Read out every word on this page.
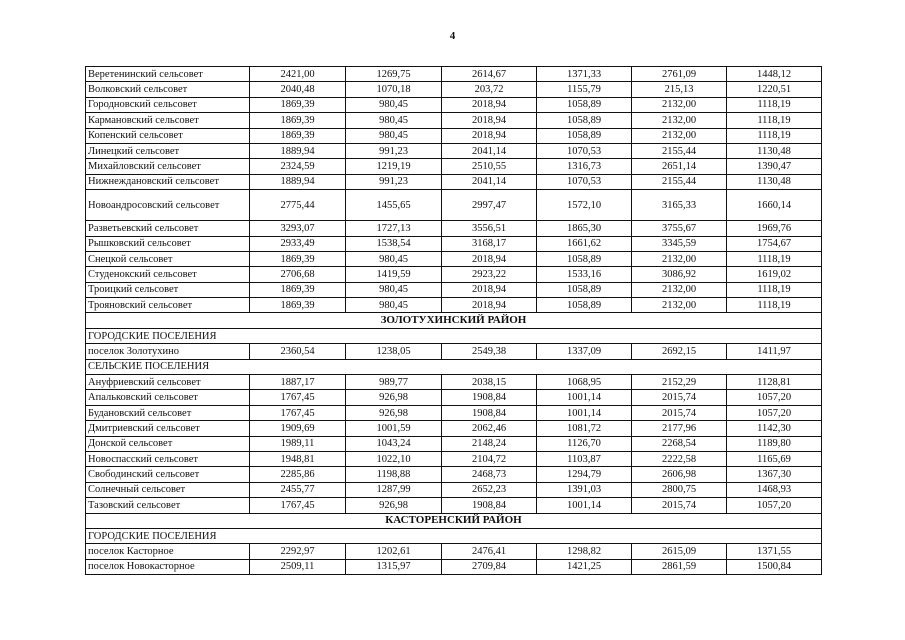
4
Веретенинский сельсовет	2421,00	1269,75	2614,67	1371,33	2761,09	1448,12
Волковский сельсовет	2040,48	1070,18	203,72	1155,79	215,13	1220,51
Городновский сельсовет	1869,39	980,45	2018,94	1058,89	2132,00	1118,19
Кармановский сельсовет	1869,39	980,45	2018,94	1058,89	2132,00	1118,19
Копенский сельсовет	1869,39	980,45	2018,94	1058,89	2132,00	1118,19
Линецкий сельсовет	1889,94	991,23	2041,14	1070,53	2155,44	1130,48
Михайловский сельсовет	2324,59	1219,19	2510,55	1316,73	2651,14	1390,47
Нижнеждановский сельсовет	1889,94	991,23	2041,14	1070,53	2155,44	1130,48
Новоандросовский сельсовет	2775,44	1455,65	2997,47	1572,10	3165,33	1660,14
Разветьевский сельсовет	3293,07	1727,13	3556,51	1865,30	3755,67	1969,76
Рышковский сельсовет	2933,49	1538,54	3168,17	1661,62	3345,59	1754,67
Снецкой сельсовет	1869,39	980,45	2018,94	1058,89	2132,00	1118,19
Студенокский сельсовет	2706,68	1419,59	2923,22	1533,16	3086,92	1619,02
Троицкий сельсовет	1869,39	980,45	2018,94	1058,89	2132,00	1118,19
Трояновский сельсовет	1869,39	980,45	2018,94	1058,89	2132,00	1118,19
ЗОЛОТУХИНСКИЙ РАЙОН						
ГОРОДСКИЕ ПОСЕЛЕНИЯ						
поселок Золотухино	2360,54	1238,05	2549,38	1337,09	2692,15	1411,97
СЕЛЬСКИЕ ПОСЕЛЕНИЯ						
Ануфриевский сельсовет	1887,17	989,77	2038,15	1068,95	2152,29	1128,81
Апальковский сельсовет	1767,45	926,98	1908,84	1001,14	2015,74	1057,20
Будановский сельсовет	1767,45	926,98	1908,84	1001,14	2015,74	1057,20
Дмитриевский сельсовет	1909,69	1001,59	2062,46	1081,72	2177,96	1142,30
Донской сельсовет	1989,11	1043,24	2148,24	1126,70	2268,54	1189,80
Новоспасский сельсовет	1948,81	1022,10	2104,72	1103,87	2222,58	1165,69
Свободинский сельсовет	2285,86	1198,88	2468,73	1294,79	2606,98	1367,30
Солнечный сельсовет	2455,77	1287,99	2652,23	1391,03	2800,75	1468,93
Тазовский сельсовет	1767,45	926,98	1908,84	1001,14	2015,74	1057,20
КАСТОРЕНСКИЙ РАЙОН						
ГОРОДСКИЕ ПОСЕЛЕНИЯ						
поселок Касторное	2292,97	1202,61	2476,41	1298,82	2615,09	1371,55
поселок Новокасторное	2509,11	1315,97	2709,84	1421,25	2861,59	1500,84
